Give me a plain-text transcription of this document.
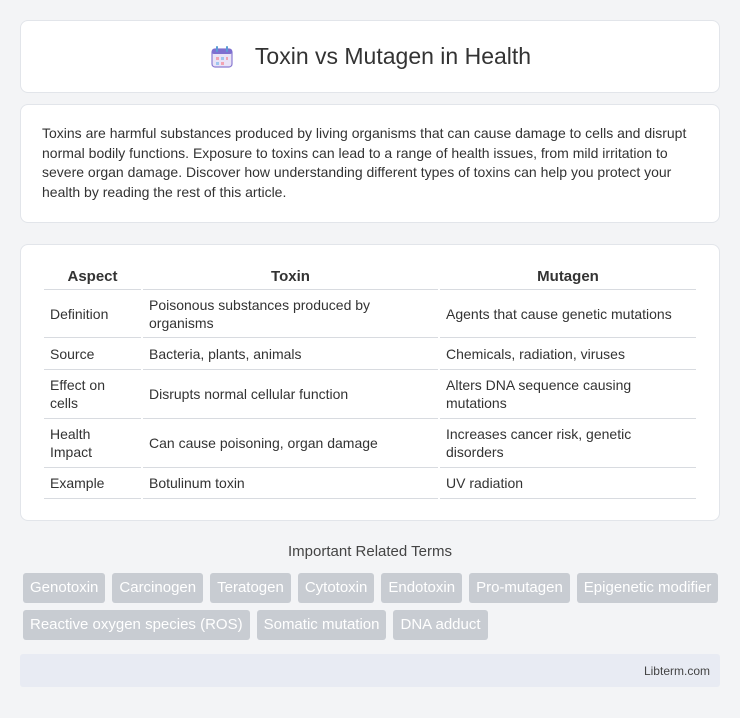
Toxin vs Mutagen in Health

Toxins are harmful substances produced by living organisms that can cause damage to cells and disrupt normal bodily functions. Exposure to toxins can lead to a range of health issues, from mild irritation to severe organ damage. Discover how understanding different types of toxins can help you protect your health by reading the rest of this article.

Aspect	Toxin	Mutagen
Definition	Poisonous substances produced by organisms	Agents that cause genetic mutations
Source	Bacteria, plants, animals	Chemicals, radiation, viruses
Effect on cells	Disrupts normal cellular function	Alters DNA sequence causing mutations
Health Impact	Can cause poisoning, organ damage	Increases cancer risk, genetic disorders
Example	Botulinum toxin	UV radiation
Important Related Terms
Genotoxin	Carcinogen	Teratogen	Cytotoxin	Endotoxin	Pro-mutagen	Epigenetic modifier
Reactive oxygen species (ROS)	Somatic mutation	DNA adduct
Libterm.com
